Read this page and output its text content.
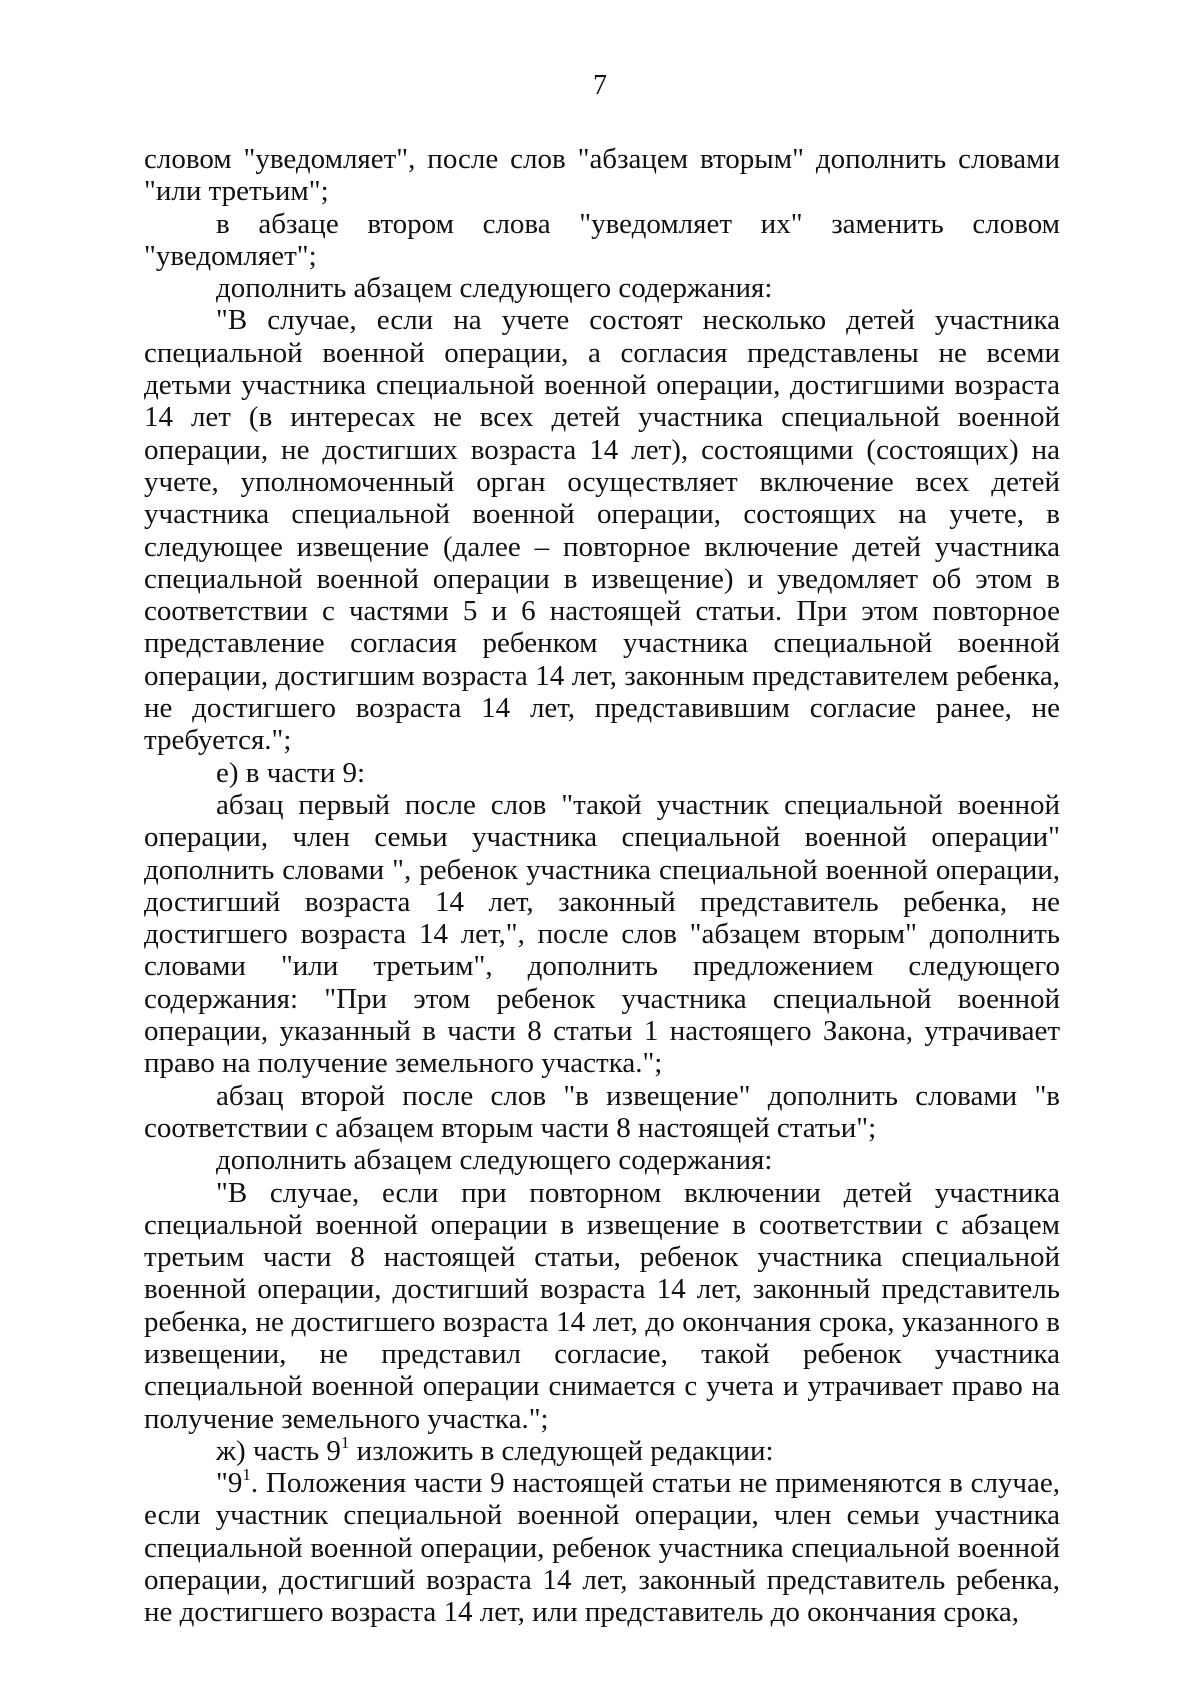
7

словом "уведомляет", после слов "абзацем вторым" дополнить словами "или третьим";

в абзаце втором слова "уведомляет их" заменить словом "уведомляет";

дополнить абзацем следующего содержания:

"В случае, если на учете состоят несколько детей участника специальной военной операции, а согласия представлены не всеми детьми участника специальной военной операции, достигшими возраста 14 лет (в интересах не всех детей участника специальной военной операции, не достигших возраста 14 лет), состоящими (состоящих) на учете, уполномоченный орган осуществляет включение всех детей участника специальной военной операции, состоящих на учете, в следующее извещение (далее – повторное включение детей участника специальной военной операции в извещение) и уведомляет об этом в соответствии с частями 5 и 6 настоящей статьи. При этом повторное представление согласия ребенком участника специальной военной операции, достигшим возраста 14 лет, законным представителем ребенка, не достигшего возраста 14 лет, представившим согласие ранее, не требуется.";

е) в части 9:

абзац первый после слов "такой участник специальной военной операции, член семьи участника специальной военной операции" дополнить словами ", ребенок участника специальной военной операции, достигший возраста 14 лет, законный представитель ребенка, не достигшего возраста 14 лет,", после слов "абзацем вторым" дополнить словами "или третьим", дополнить предложением следующего содержания: "При этом ребенок участника специальной военной операции, указанный в части 8 статьи 1 настоящего Закона, утрачивает право на получение земельного участка.";

абзац второй после слов "в извещение" дополнить словами "в соответствии с абзацем вторым части 8 настоящей статьи";

дополнить абзацем следующего содержания:

"В случае, если при повторном включении детей участника специальной военной операции в извещение в соответствии с абзацем третьим части 8 настоящей статьи, ребенок участника специальной военной операции, достигший возраста 14 лет, законный представитель ребенка, не достигшего возраста 14 лет, до окончания срока, указанного в извещении, не представил согласие, такой ребенок участника специальной военной операции снимается с учета и утрачивает право на получение земельного участка.";

ж) часть $9^1$ изложить в следующей редакции:

"$9^1$. Положения части 9 настоящей статьи не применяются в случае, если участник специальной военной операции, член семьи участника специальной военной операции, ребенок участника специальной военной операции, достигший возраста 14 лет, законный представитель ребенка, не достигшего возраста 14 лет, или представитель до окончания срока,
